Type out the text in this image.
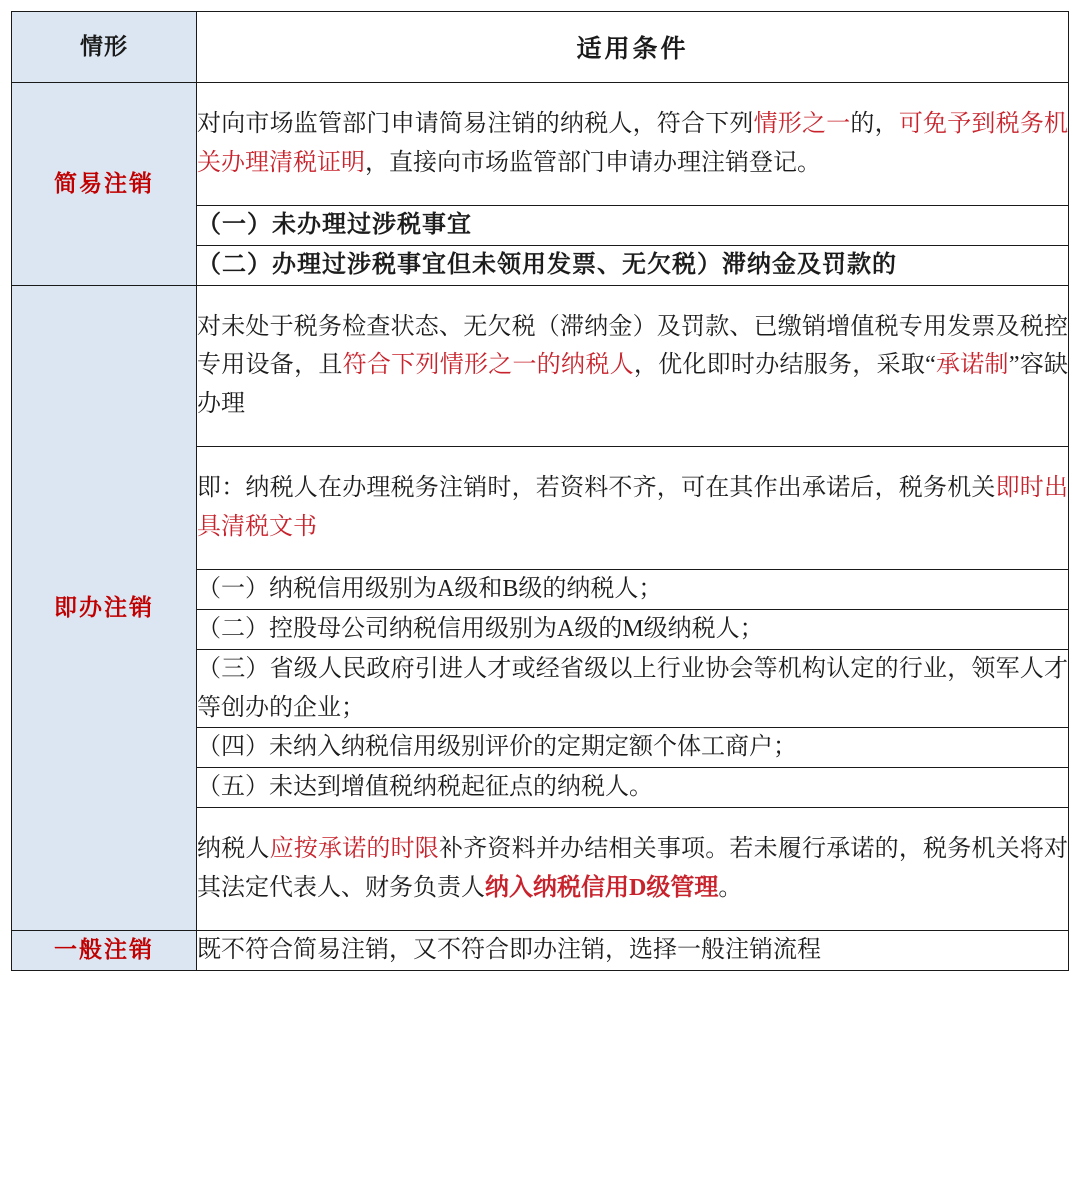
情形	适用条件
简易注销	对向市场监管部门申请简易注销的纳税人，符合下列情形之一的，可免予到税务机关办理清税证明，直接向市场监管部门申请办理注销登记。
	（一）未办理过涉税事宜
	（二）办理过涉税事宜但未领用发票、无欠税）滞纳金及罚款的
即办注销	对未处于税务检查状态、无欠税（滞纳金）及罚款、已缴销增值税专用发票及税控专用设备，且符合下列情形之一的纳税人，优化即时办结服务，采取“承诺制”容缺办理
	即：纳税人在办理税务注销时，若资料不齐，可在其作出承诺后，税务机关即时出具清税文书
	（一）纳税信用级别为A级和B级的纳税人；
	（二）控股母公司纳税信用级别为A级的M级纳税人；
	（三）省级人民政府引进人才或经省级以上行业协会等机构认定的行业，领军人才等创办的企业；
	（四）未纳入纳税信用级别评价的定期定额个体工商户；
	（五）未达到增值税纳税起征点的纳税人。
	纳税人应按承诺的时限补齐资料并办结相关事项。若未履行承诺的，税务机关将对其法定代表人、财务负责人纳入纳税信用D级管理。
一般注销	既不符合简易注销，又不符合即办注销，选择一般注销流程
